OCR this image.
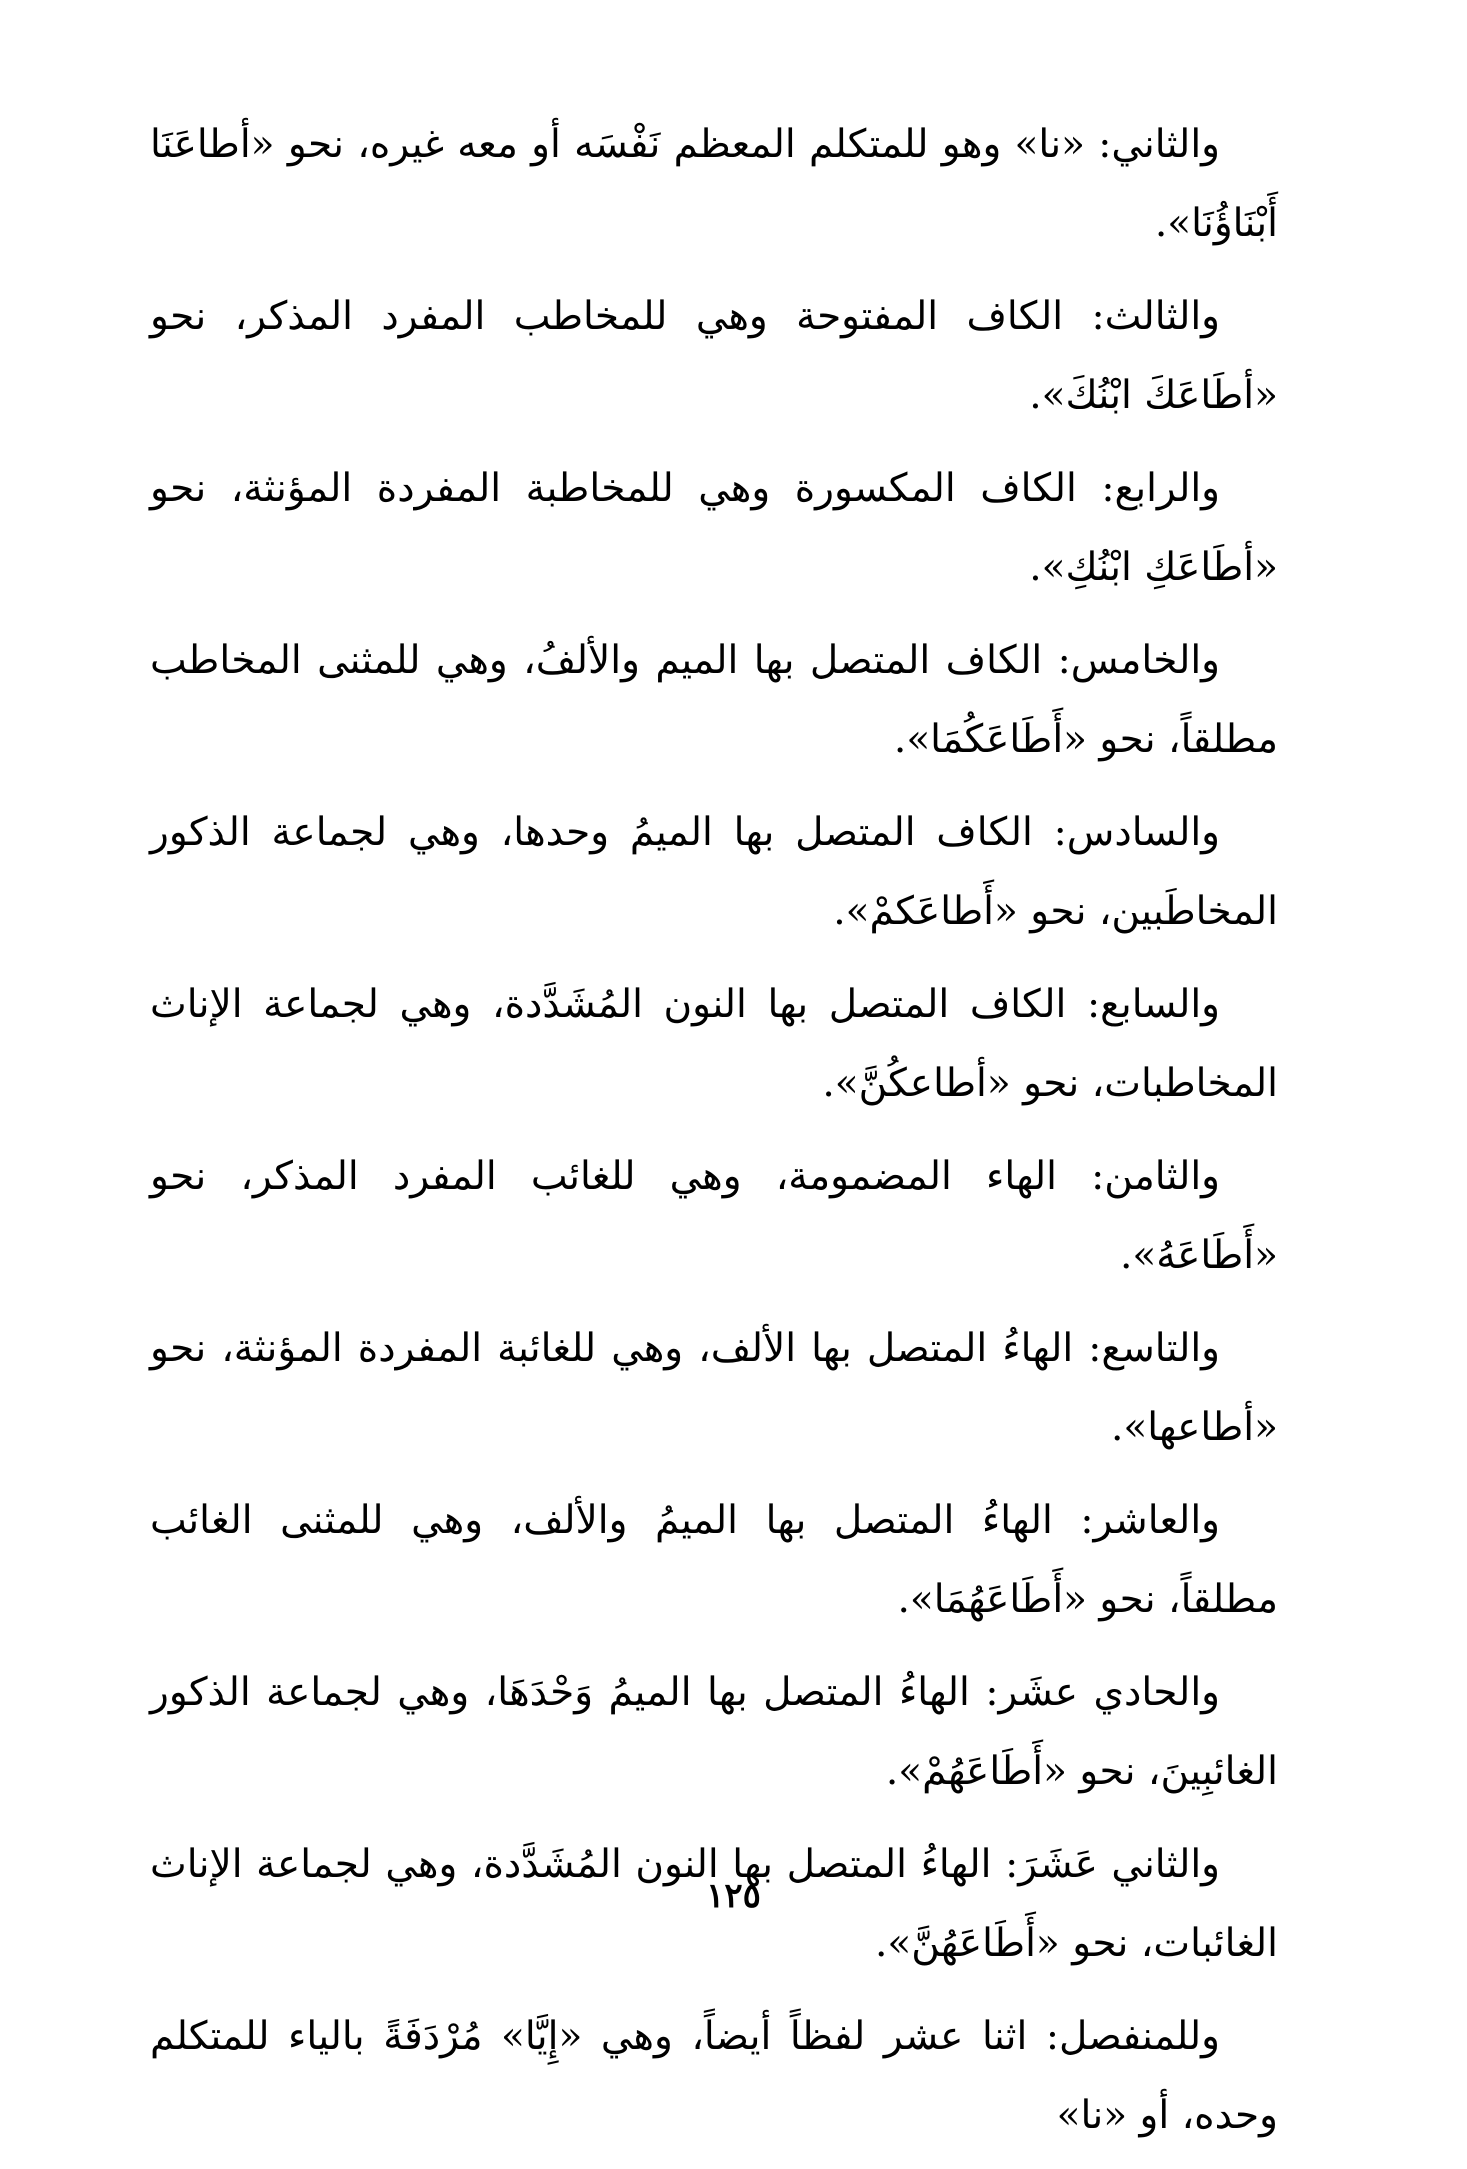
والثاني: «نا» وهو للمتكلم المعظم نَفْسَه أو معه غيره، نحو «أطاعَنَا أَبْنَاؤُنَا».

والثالث: الكاف المفتوحة وهي للمخاطب المفرد المذكر، نحو «أطَاعَكَ ابْنُكَ».

والرابع: الكاف المكسورة وهي للمخاطبة المفردة المؤنثة، نحو «أطَاعَكِ ابْنُكِ».

والخامس: الكاف المتصل بها الميم والألفُ، وهي للمثنى المخاطب مطلقاً، نحو «أَطَاعَكُمَا».

والسادس: الكاف المتصل بها الميمُ وحدها، وهي لجماعة الذكور المخاطَبين، نحو «أَطاعَكمْ».

والسابع: الكاف المتصل بها النون المُشَدَّدة، وهي لجماعة الإناث المخاطبات، نحو «أطاعكُنَّ».

والثامن: الهاء المضمومة، وهي للغائب المفرد المذكر، نحو «أَطَاعَهُ».

والتاسع: الهاءُ المتصل بها الألف، وهي للغائبة المفردة المؤنثة، نحو «أطاعها».

والعاشر: الهاءُ المتصل بها الميمُ والألف، وهي للمثنى الغائب مطلقاً، نحو «أَطَاعَهُمَا».

والحادي عشَر: الهاءُ المتصل بها الميمُ وَحْدَهَا، وهي لجماعة الذكور الغائبِينَ، نحو «أَطَاعَهُمْ».

والثاني عَشَرَ: الهاءُ المتصل بها النون المُشَدَّدة، وهي لجماعة الإناث الغائبات، نحو «أَطَاعَهُنَّ».

وللمنفصل: اثنا عشر لفظاً أيضاً، وهي «إِيَّا» مُرْدَفَةً بالياء للمتكلم وحده، أو «نا»

١٢٥
